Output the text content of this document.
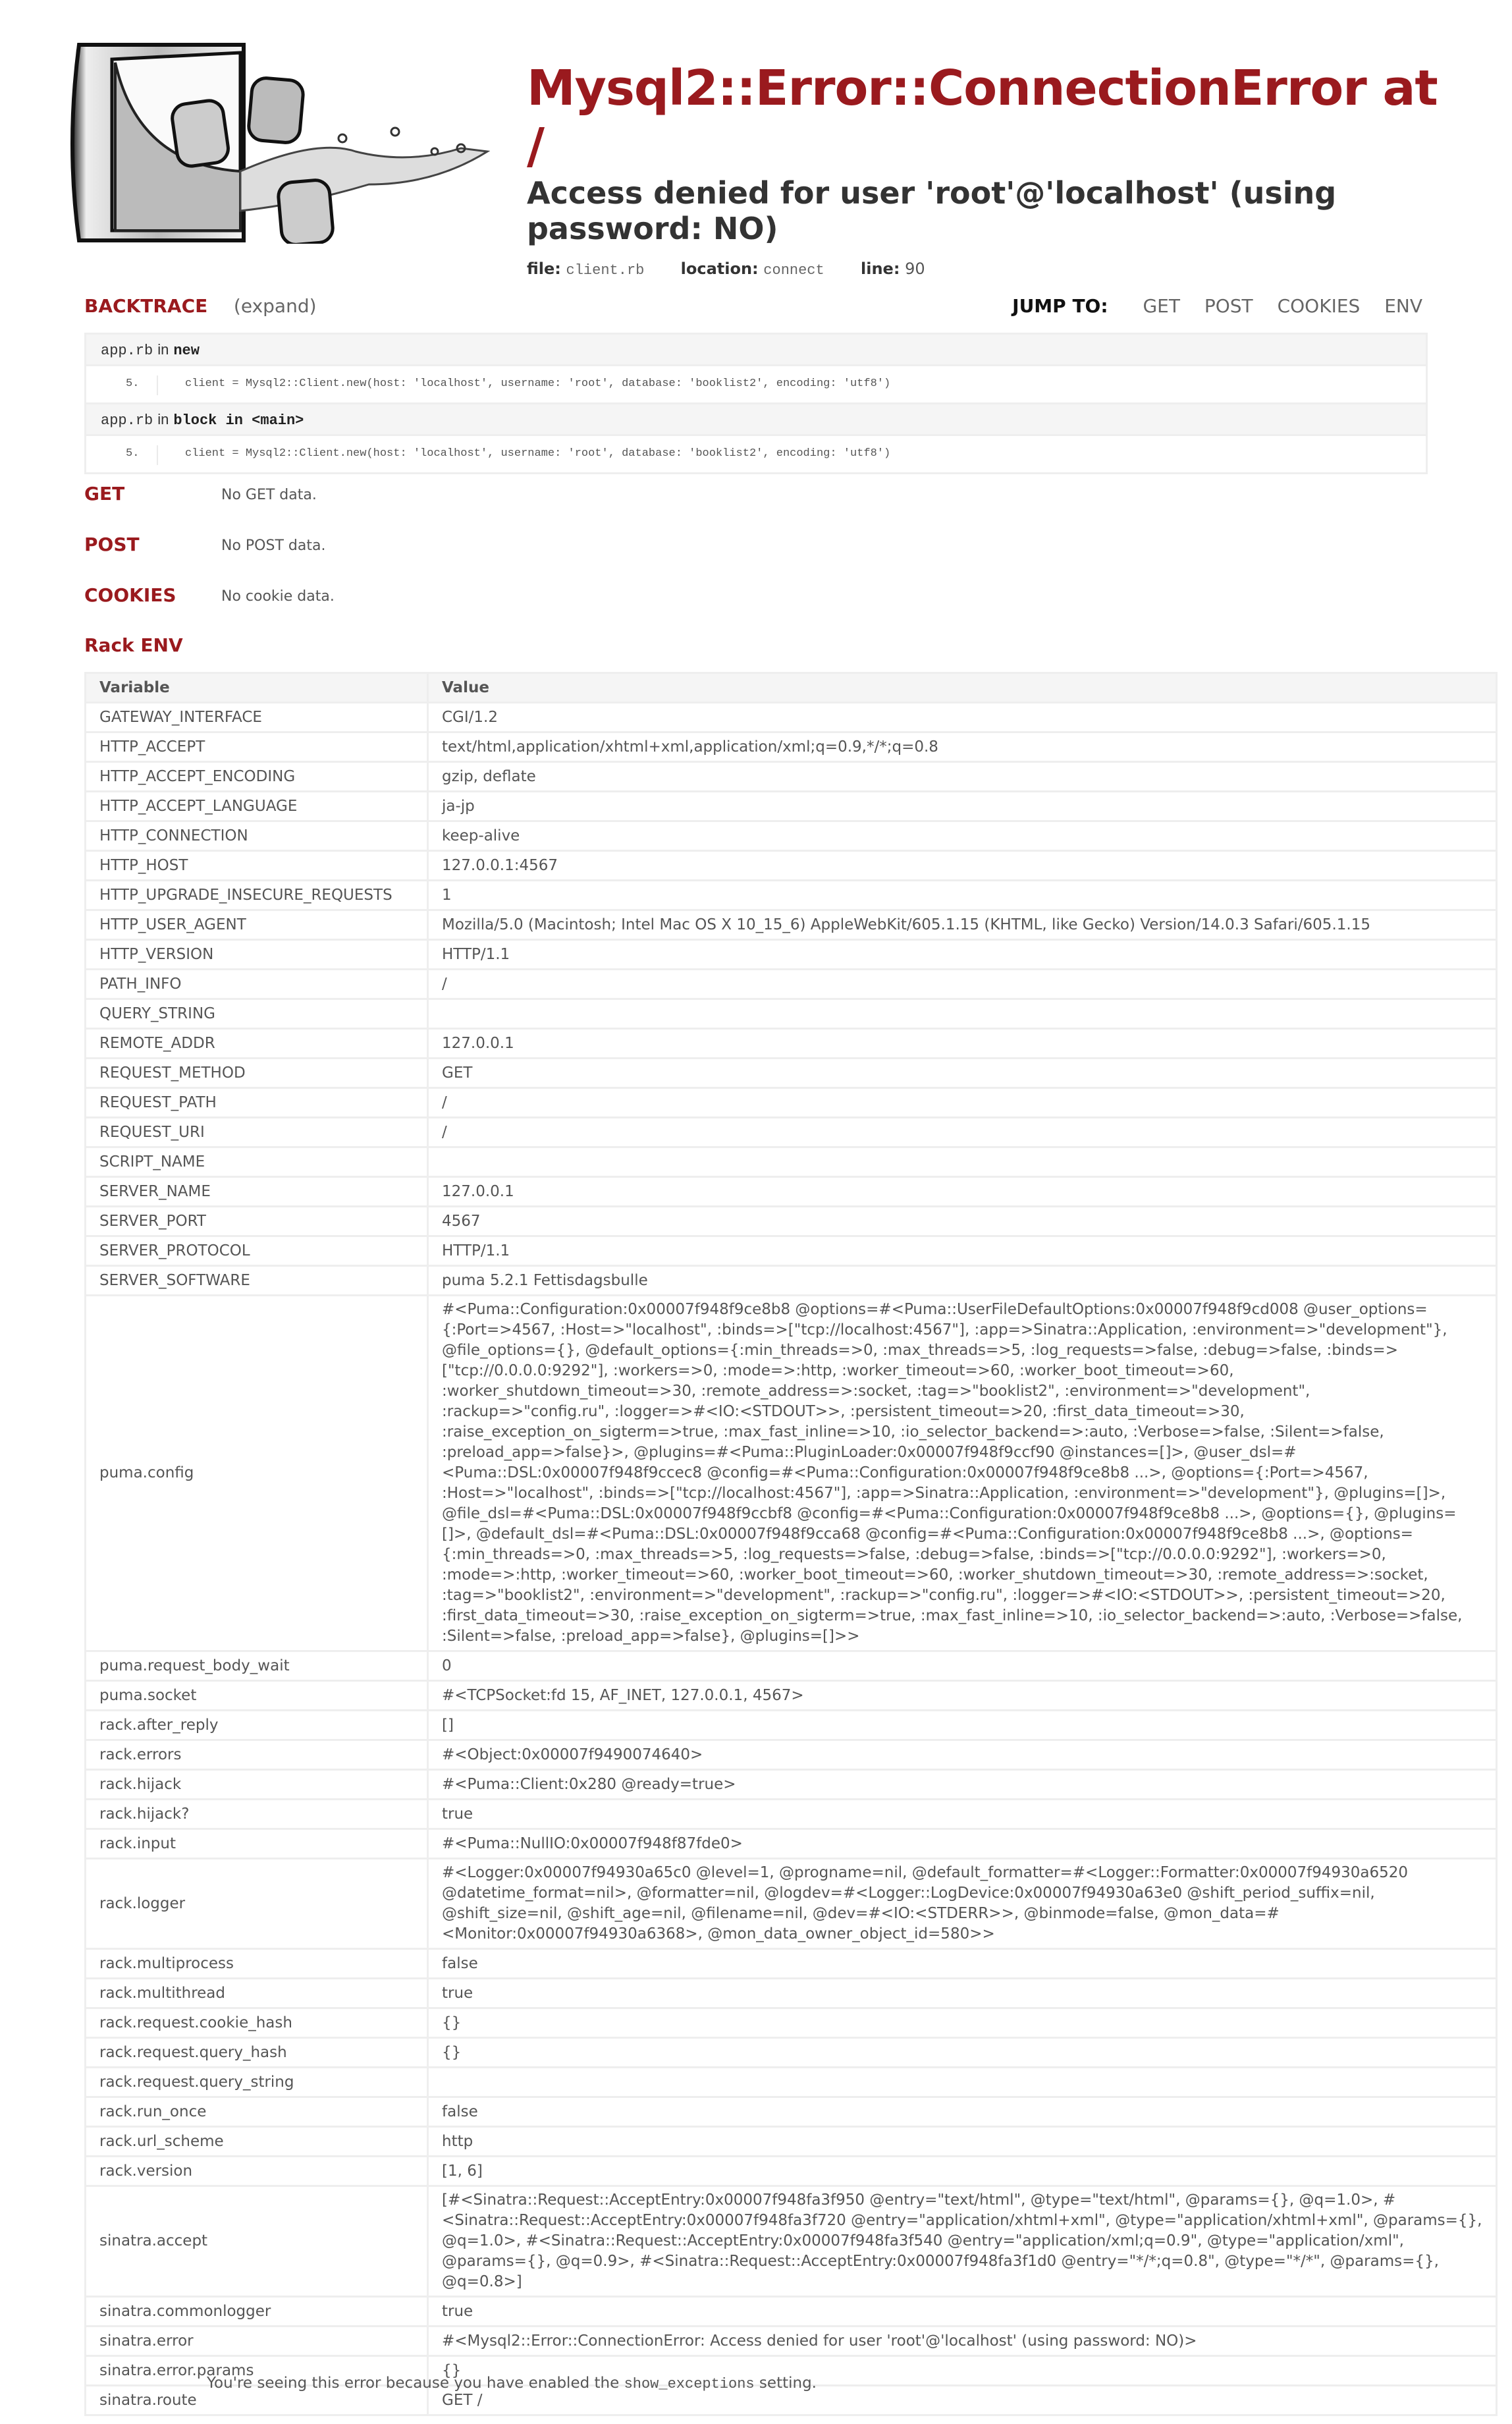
Mysql2::Error::ConnectionError at /
Access denied for user 'root'@'localhost' (using password: NO)
file: client.rb location: connect line: 90
BACKTRACE (expand)	JUMP TO: GET POST COOKIES ENV
app.rb in new
5.	client = Mysql2::Client.new(host: 'localhost', username: 'root', database: 'booklist2', encoding: 'utf8')
app.rb in block in <main>
5.	client = Mysql2::Client.new(host: 'localhost', username: 'root', database: 'booklist2', encoding: 'utf8')
GET	No GET data.
POST	No POST data.
COOKIES	No cookie data.
Rack ENV
Variable	Value
GATEWAY_INTERFACE	CGI/1.2
HTTP_ACCEPT	text/html,application/xhtml+xml,application/xml;q=0.9,*/*;q=0.8
HTTP_ACCEPT_ENCODING	gzip, deflate
HTTP_ACCEPT_LANGUAGE	ja-jp
HTTP_CONNECTION	keep-alive
HTTP_HOST	127.0.0.1:4567
HTTP_UPGRADE_INSECURE_REQUESTS	1
HTTP_USER_AGENT	Mozilla/5.0 (Macintosh; Intel Mac OS X 10_15_6) AppleWebKit/605.1.15 (KHTML, like Gecko) Version/14.0.3 Safari/605.1.15
HTTP_VERSION	HTTP/1.1
PATH_INFO	/
QUERY_STRING	
REMOTE_ADDR	127.0.0.1
REQUEST_METHOD	GET
REQUEST_PATH	/
REQUEST_URI	/
SCRIPT_NAME	
SERVER_NAME	127.0.0.1
SERVER_PORT	4567
SERVER_PROTOCOL	HTTP/1.1
SERVER_SOFTWARE	puma 5.2.1 Fettisdagsbulle
puma.config	#<Puma::Configuration:0x00007f948f9ce8b8 @options=#<Puma::UserFileDefaultOptions:0x00007f948f9cd008 @user_options={:Port=>4567, :Host=>"localhost", :binds=>["tcp://localhost:4567"], :app=>Sinatra::Application, :environment=>"development"}, @file_options={}, @default_options={:min_threads=>0, :max_threads=>5, :log_requests=>false, :debug=>false, :binds=>["tcp://0.0.0.0:9292"], :workers=>0, :mode=>:http, :worker_timeout=>60, :worker_boot_timeout=>60, :worker_shutdown_timeout=>30, :remote_address=>:socket, :tag=>"booklist2", :environment=>"development", :rackup=>"config.ru", :logger=>#<IO:<STDOUT>>, :persistent_timeout=>20, :first_data_timeout=>30, :raise_exception_on_sigterm=>true, :max_fast_inline=>10, :io_selector_backend=>:auto, :Verbose=>false, :Silent=>false, :preload_app=>false}>, @plugins=#<Puma::PluginLoader:0x00007f948f9ccf90 @instances=[]>, @user_dsl=#<Puma::DSL:0x00007f948f9ccec8 @config=#<Puma::Configuration:0x00007f948f9ce8b8 ...>, @options={:Port=>4567, :Host=>"localhost", :binds=>["tcp://localhost:4567"], :app=>Sinatra::Application, :environment=>"development"}, @plugins=[]>, @file_dsl=#<Puma::DSL:0x00007f948f9ccbf8 @config=#<Puma::Configuration:0x00007f948f9ce8b8 ...>, @options={}, @plugins=[]>, @default_dsl=#<Puma::DSL:0x00007f948f9cca68 @config=#<Puma::Configuration:0x00007f948f9ce8b8 ...>, @options={:min_threads=>0, :max_threads=>5, :log_requests=>false, :debug=>false, :binds=>["tcp://0.0.0.0:9292"], :workers=>0, :mode=>:http, :worker_timeout=>60, :worker_boot_timeout=>60, :worker_shutdown_timeout=>30, :remote_address=>:socket, :tag=>"booklist2", :environment=>"development", :rackup=>"config.ru", :logger=>#<IO:<STDOUT>>, :persistent_timeout=>20, :first_data_timeout=>30, :raise_exception_on_sigterm=>true, :max_fast_inline=>10, :io_selector_backend=>:auto, :Verbose=>false, :Silent=>false, :preload_app=>false}, @plugins=[]>>
puma.request_body_wait	0
puma.socket	#<TCPSocket:fd 15, AF_INET, 127.0.0.1, 4567>
rack.after_reply	[]
rack.errors	#<Object:0x00007f9490074640>
rack.hijack	#<Puma::Client:0x280 @ready=true>
rack.hijack?	true
rack.input	#<Puma::NullIO:0x00007f948f87fde0>
rack.logger	#<Logger:0x00007f94930a65c0 @level=1, @progname=nil, @default_formatter=#<Logger::Formatter:0x00007f94930a6520 @datetime_format=nil>, @formatter=nil, @logdev=#<Logger::LogDevice:0x00007f94930a63e0 @shift_period_suffix=nil, @shift_size=nil, @shift_age=nil, @filename=nil, @dev=#<IO:<STDERR>>, @binmode=false, @mon_data=#<Monitor:0x00007f94930a6368>, @mon_data_owner_object_id=580>>
rack.multiprocess	false
rack.multithread	true
rack.request.cookie_hash	{}
rack.request.query_hash	{}
rack.request.query_string	
rack.run_once	false
rack.url_scheme	http
rack.version	[1, 6]
sinatra.accept	[#<Sinatra::Request::AcceptEntry:0x00007f948fa3f950 @entry="text/html", @type="text/html", @params={}, @q=1.0>, #<Sinatra::Request::AcceptEntry:0x00007f948fa3f720 @entry="application/xhtml+xml", @type="application/xhtml+xml", @params={}, @q=1.0>, #<Sinatra::Request::AcceptEntry:0x00007f948fa3f540 @entry="application/xml;q=0.9", @type="application/xml", @params={}, @q=0.9>, #<Sinatra::Request::AcceptEntry:0x00007f948fa3f1d0 @entry="*/*;q=0.8", @type="*/*", @params={}, @q=0.8>]
sinatra.commonlogger	true
sinatra.error	#<Mysql2::Error::ConnectionError: Access denied for user 'root'@'localhost' (using password: NO)>
sinatra.error.params	{}
sinatra.route	GET /
You're seeing this error because you have enabled the show_exceptions setting.
